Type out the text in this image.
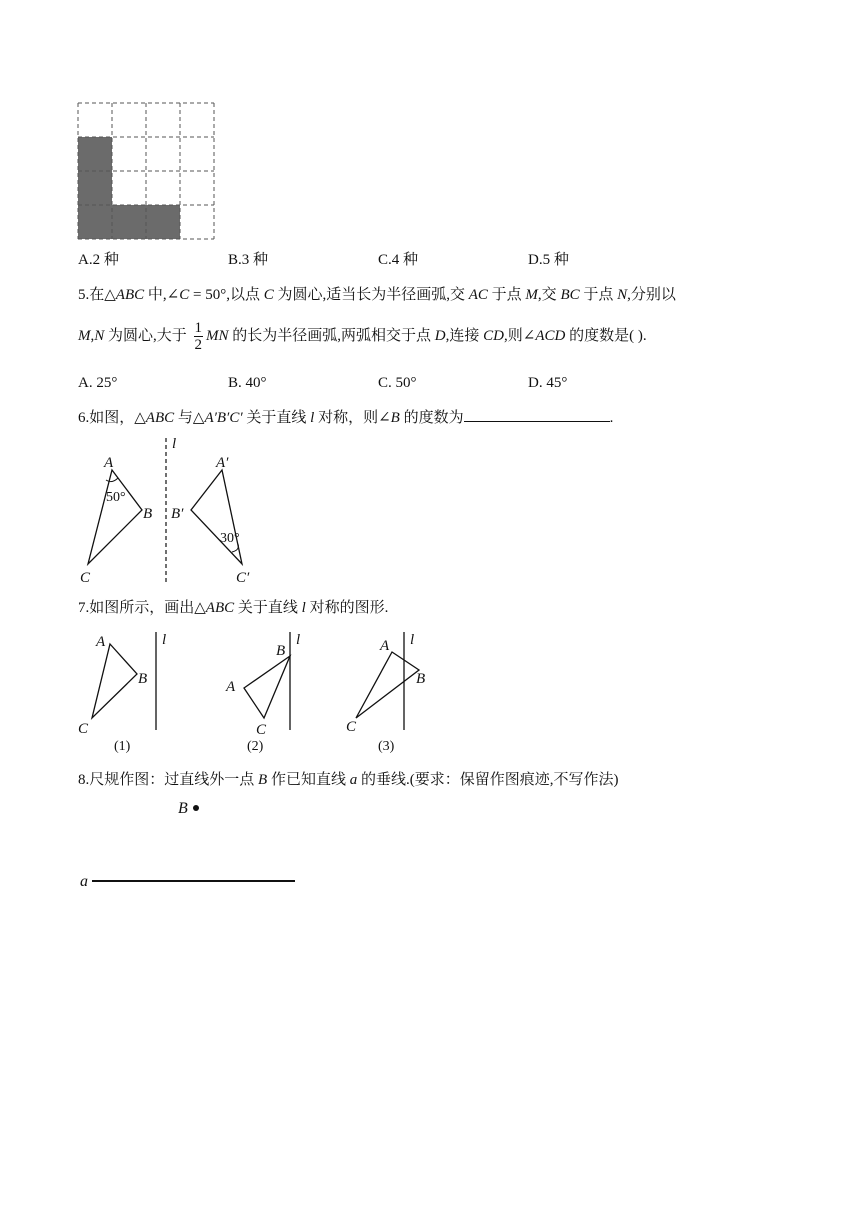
A.2 种	B.3 种	C.4 种	D.5 种
5.在△ABC 中,∠C = 50°,以点 C 为圆心,适当长为半径画弧,交 AC 于点 M,交 BC 于点 N,分别以
M,N 为圆心,大于 $\frac{1}{2}$ MN 的长为半径画弧,两弧相交于点 D,连接 CD,则∠ACD 的度数是( ).
A. 25°	B. 40°	C. 50°	D. 45°
6.如图，△ABC 与△A′B′C′ 关于直线 l 对称，则∠B 的度数为	.
l
A
B
C
50°
A′
B′
C′
30°
7.如图所示，画出△ABC 关于直线 l 对称的图形.
l
A
B
C
(1)
l
B
A
C
(2)
l
A
B
C
(3)
8.尺规作图：过直线外一点 B 作已知直线 a 的垂线.(要求：保留作图痕迹,不写作法)
B
a
